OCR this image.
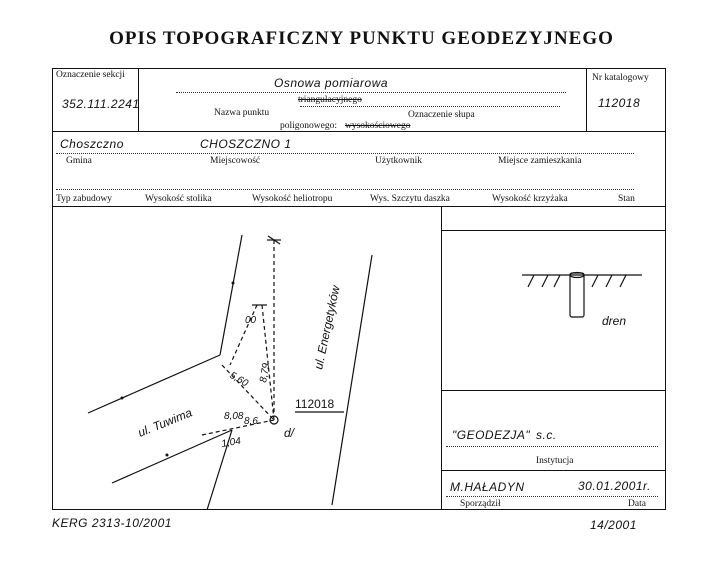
OPIS TOPOGRAFICZNY PUNKTU GEODEZYJNEGO
Oznaczenie sekcji
352.111.2241
Nr katalogowy
112018
Osnowa pomiarowa
triangulacyjnego
Nazwa punktu	Oznaczenie słupa
poligonowego: wysokościowego
Choszczno	CHOSZCZNO 1
Gmina	Miejscowość	Użytkownik	Miejsce zamieszkania
Typ zabudowy	Wysokość stolika	Wysokość heliotropu	Wys. Szczytu daszka	Wysokość krzyżaka	Stan
"GEODEZJA" s.c.
Instytucja
M.HAŁADYN	30.01.2001r.
Sporządził	Data
ul. Tuwima
ul. Energetyków
112018
d/
5,60 8,79
8,08 8,6
1,04
00	dren
KERG 2313-10/2001	14/2001
